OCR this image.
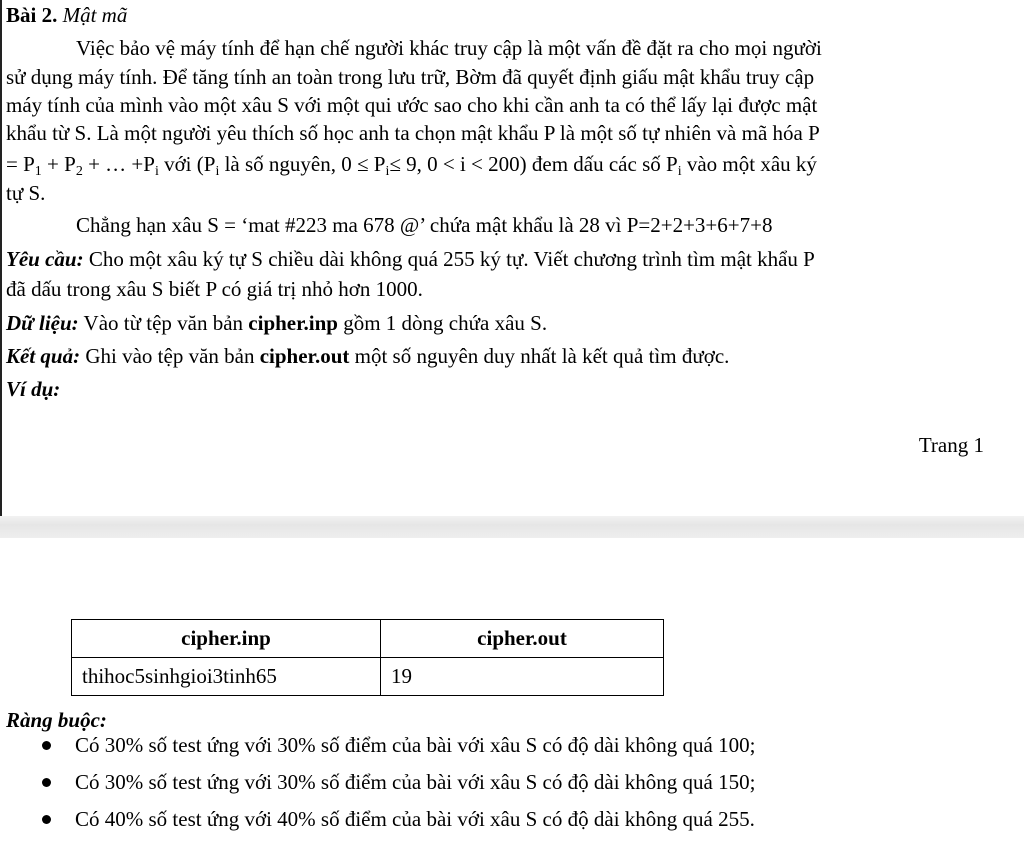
Bài 2. Mật mã
Việc bảo vệ máy tính để hạn chế người khác truy cập là một vấn đề đặt ra cho mọi người
sử dụng máy tính. Để tăng tính an toàn trong lưu trữ, Bờm đã quyết định giấu mật khẩu truy cập
máy tính của mình vào một xâu S với một qui ước sao cho khi cần anh ta có thể lấy lại được mật
khẩu từ S. Là một người yêu thích số học anh ta chọn mật khẩu P là một số tự nhiên và mã hóa P
= $P_1 + P_2$ + … $+P_i$ với ($P_i$ là số nguyên, $0 \le P_i\le 9$, 0 < i < 200) đem dấu các số $P_i$ vào một xâu ký
tự S.
Chẳng hạn xâu S = ‘mat #223 ma 678 @’ chứa mật khẩu là 28 vì P=2+2+3+6+7+8
Yêu cầu: Cho một xâu ký tự S chiều dài không quá 255 ký tự. Viết chương trình tìm mật khẩu P
đã dấu trong xâu S biết P có giá trị nhỏ hơn 1000.
Dữ liệu: Vào từ tệp văn bản cipher.inp gồm 1 dòng chứa xâu S.
Kết quả: Ghi vào tệp văn bản cipher.out một số nguyên duy nhất là kết quả tìm được.
Ví dụ:
Trang 1
cipher.inp	cipher.out
thihoc5sinhgioi3tinh65	19
Ràng buộc:
Có 30% số test ứng với 30% số điểm của bài với xâu S có độ dài không quá 100;
Có 30% số test ứng với 30% số điểm của bài với xâu S có độ dài không quá 150;
Có 40% số test ứng với 40% số điểm của bài với xâu S có độ dài không quá 255.
